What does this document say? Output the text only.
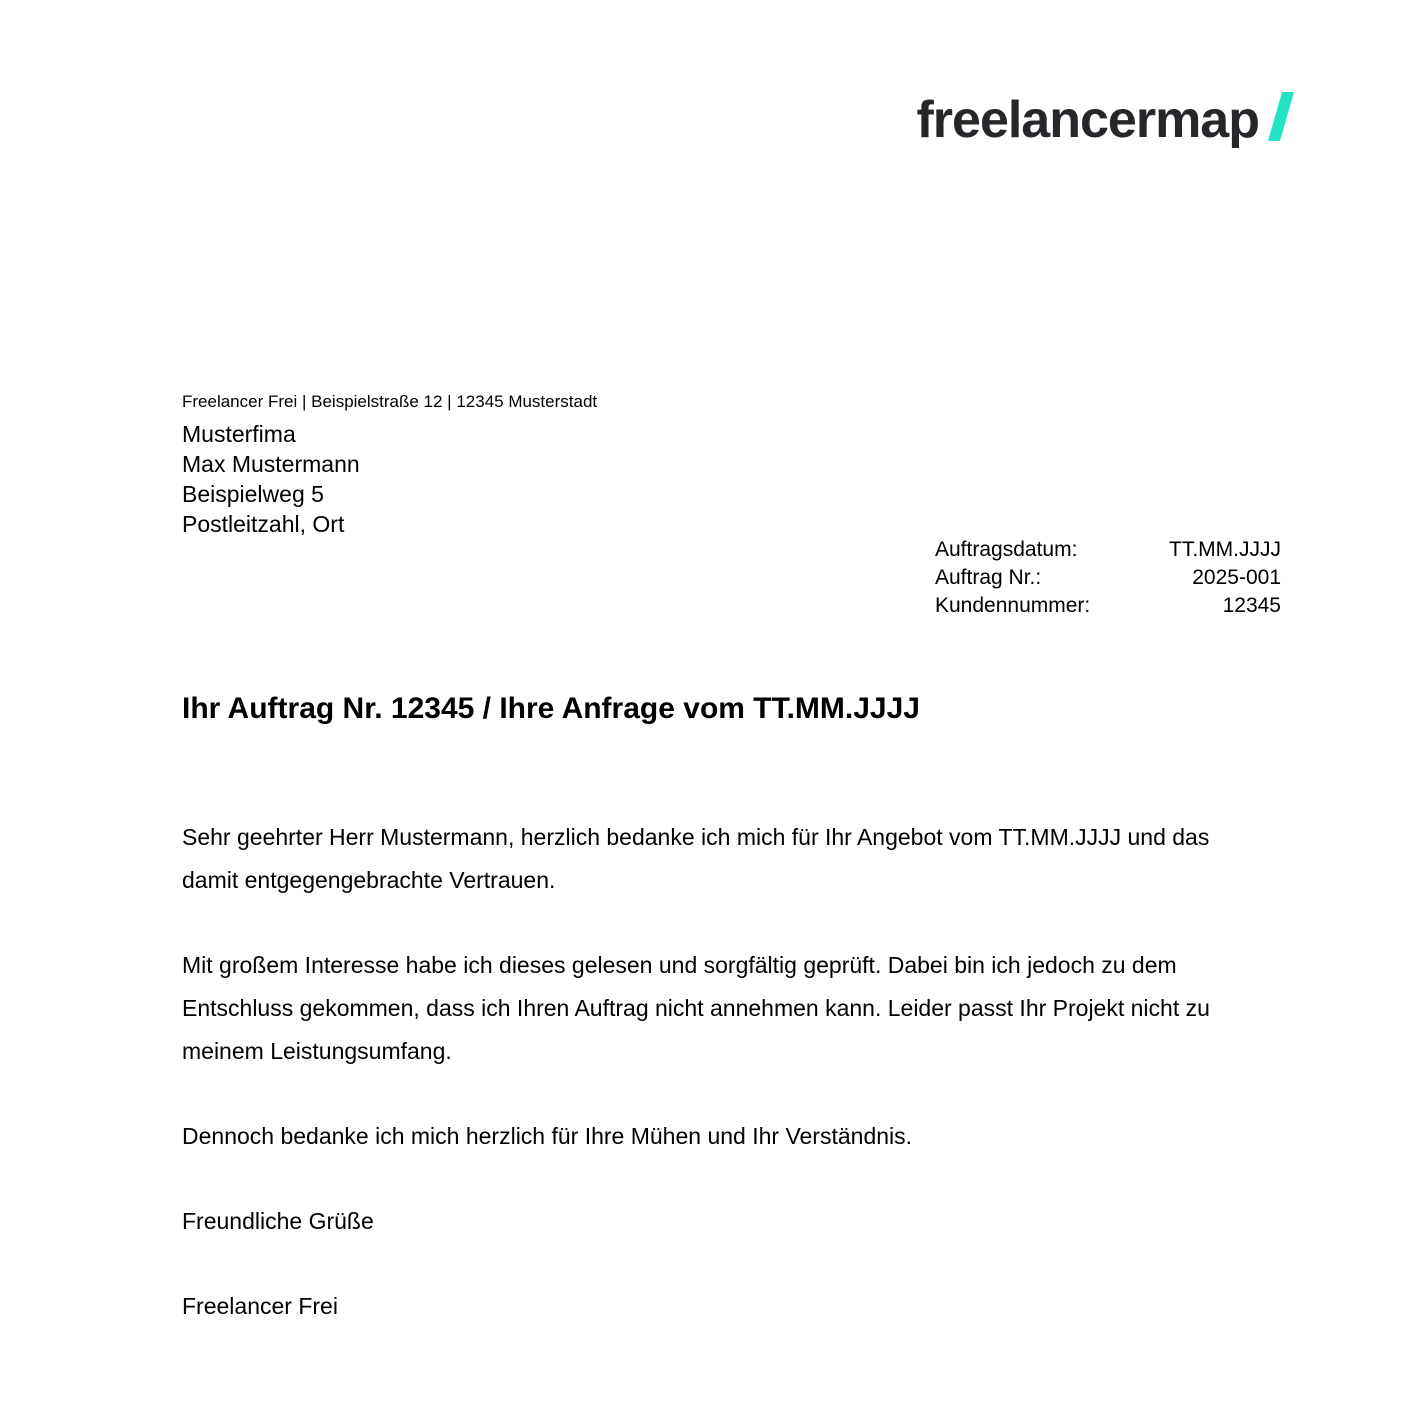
freelancermap
Freelancer Frei | Beispielstraße 12 | 12345 Musterstadt
Musterfima
Max Mustermann
Beispielweg 5
Postleitzahl, Ort
Auftragsdatum:	TT.MM.JJJJ
Auftrag Nr.:	2025-001
Kundennummer:	12345
Ihr Auftrag Nr. 12345 / Ihre Anfrage vom TT.MM.JJJJ

Sehr geehrter Herr Mustermann, herzlich bedanke ich mich für Ihr Angebot vom TT.MM.JJJJ und das damit entgegengebrachte Vertrauen.

Mit großem Interesse habe ich dieses gelesen und sorgfältig geprüft. Dabei bin ich jedoch zu dem Entschluss gekommen, dass ich Ihren Auftrag nicht annehmen kann. Leider passt Ihr Projekt nicht zu meinem Leistungsumfang.

Dennoch bedanke ich mich herzlich für Ihre Mühen und Ihr Verständnis.

Freundliche Grüße

Freelancer Frei
